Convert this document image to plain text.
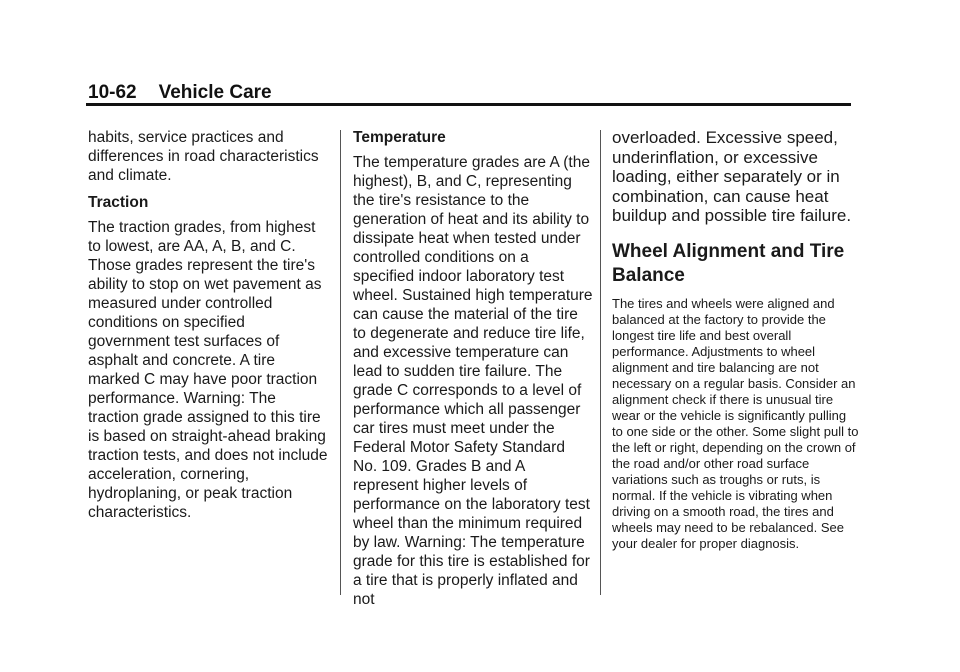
10-62 Vehicle Care

habits, service practices and differences in road characteristics and climate.

Traction

The traction grades, from highest to lowest, are AA, A, B, and C. Those grades represent the tire's ability to stop on wet pavement as measured under controlled conditions on specified government test surfaces of asphalt and concrete. A tire marked C may have poor traction performance. Warning: The traction grade assigned to this tire is based on straight-ahead braking traction tests, and does not include acceleration, cornering, hydroplaning, or peak traction characteristics.

Temperature

The temperature grades are A (the highest), B, and C, representing the tire's resistance to the generation of heat and its ability to dissipate heat when tested under controlled conditions on a specified indoor laboratory test wheel. Sustained high temperature can cause the material of the tire to degenerate and reduce tire life, and excessive temperature can lead to sudden tire failure. The grade C corresponds to a level of performance which all passenger car tires must meet under the Federal Motor Safety Standard No. 109. Grades B and A represent higher levels of performance on the laboratory test wheel than the minimum required by law. Warning: The temperature grade for this tire is established for a tire that is properly inflated and not

overloaded. Excessive speed, underinflation, or excessive loading, either separately or in combination, can cause heat buildup and possible tire failure.

Wheel Alignment and Tire Balance

The tires and wheels were aligned and balanced at the factory to provide the longest tire life and best overall performance. Adjustments to wheel alignment and tire balancing are not necessary on a regular basis. Consider an alignment check if there is unusual tire wear or the vehicle is significantly pulling to one side or the other. Some slight pull to the left or right, depending on the crown of the road and/or other road surface variations such as troughs or ruts, is normal. If the vehicle is vibrating when driving on a smooth road, the tires and wheels may need to be rebalanced. See your dealer for proper diagnosis.
